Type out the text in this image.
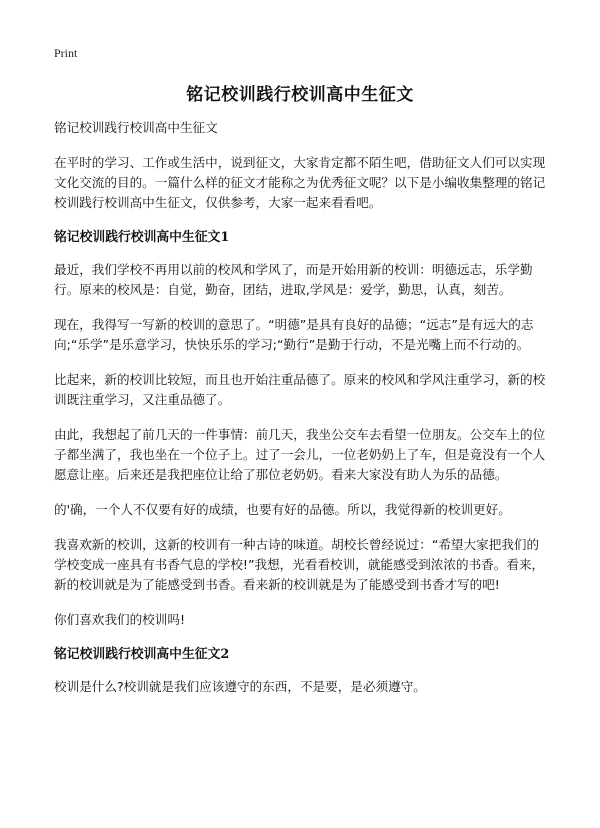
Print
铭记校训践行校训高中生征文

铭记校训践行校训高中生征文

在平时的学习、工作或生活中，说到征文，大家肯定都不陌生吧，借助征文人们可以实现文化交流的目的。一篇什么样的征文才能称之为优秀征文呢？以下是小编收集整理的铭记校训践行校训高中生征文，仅供参考，大家一起来看看吧。

铭记校训践行校训高中生征文1

最近，我们学校不再用以前的校风和学风了，而是开始用新的校训：明德远志，乐学勤行。原来的校风是：自觉，勤奋，团结，进取,学风是：爱学，勤思，认真，刻苦。

现在，我得写一写新的校训的意思了。“明德”是具有良好的品德；“远志”是有远大的志向;“乐学”是乐意学习，快快乐乐的学习;“勤行”是勤于行动，不是光嘴上而不行动的。

比起来，新的校训比较短，而且也开始注重品德了。原来的校风和学风注重学习，新的校训既注重学习，又注重品德了。

由此，我想起了前几天的一件事情：前几天，我坐公交车去看望一位朋友。公交车上的位子都坐满了，我也坐在一个位子上。过了一会儿，一位老奶奶上了车，但是竟没有一个人愿意让座。后来还是我把座位让给了那位老奶奶。看来大家没有助人为乐的品德。

的'确，一个人不仅要有好的成绩，也要有好的品德。所以，我觉得新的校训更好。

我喜欢新的校训，这新的校训有一种古诗的味道。胡校长曾经说过：“希望大家把我们的学校变成一座具有书香气息的学校!”我想，光看看校训，就能感受到浓浓的书香。看来，新的校训就是为了能感受到书香。看来新的校训就是为了能感受到书香才写的吧!

你们喜欢我们的校训吗!

铭记校训践行校训高中生征文2

校训是什么?校训就是我们应该遵守的东西，不是要，是必须遵守。
